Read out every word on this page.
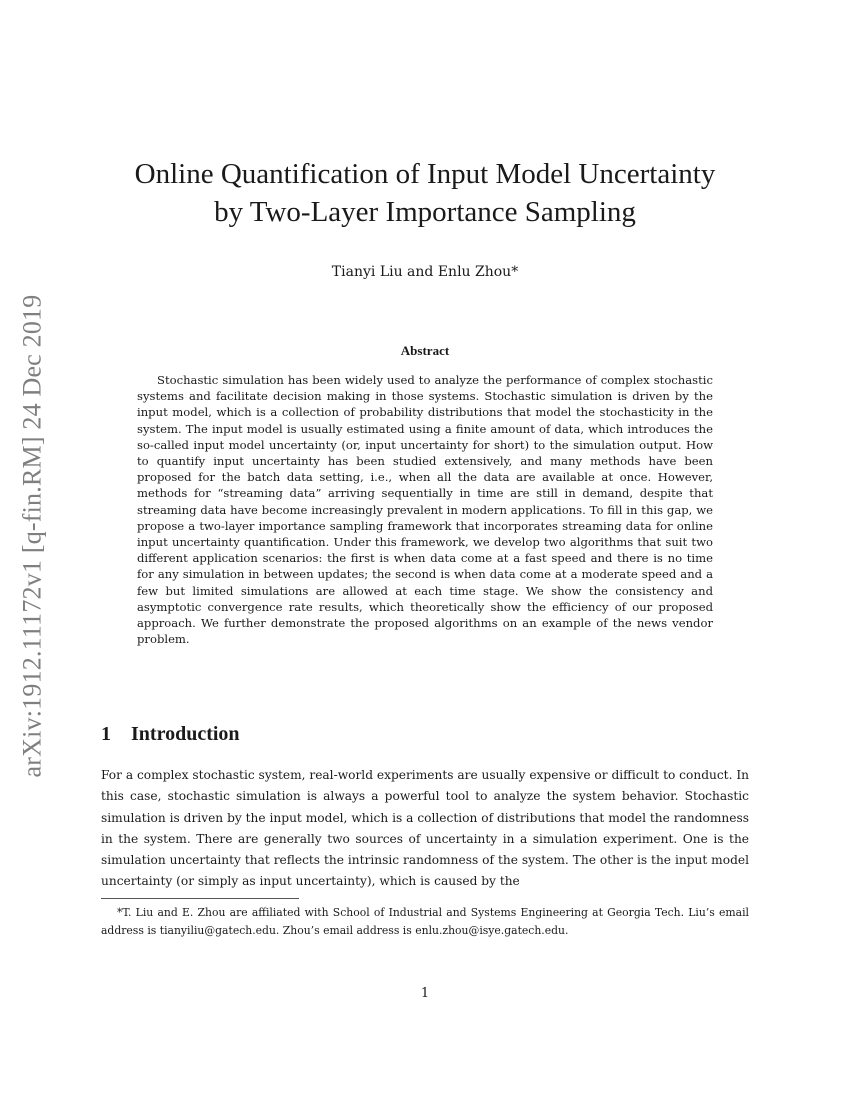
arXiv:1912.11172v1 [q-fin.RM] 24 Dec 2019
Online Quantification of Input Model Uncertainty
by Two-Layer Importance Sampling
Tianyi Liu and Enlu Zhou*
Abstract

Stochastic simulation has been widely used to analyze the performance of complex stochastic systems and facilitate decision making in those systems. Stochastic simulation is driven by the input model, which is a collection of probability distributions that model the stochasticity in the system. The input model is usually estimated using a finite amount of data, which introduces the so-called input model uncertainty (or, input uncertainty for short) to the simulation output. How to quantify input uncertainty has been studied extensively, and many methods have been proposed for the batch data setting, i.e., when all the data are available at once. However, methods for “streaming data” arriving sequentially in time are still in demand, despite that streaming data have become increasingly prevalent in modern applications. To fill in this gap, we propose a two-layer importance sampling framework that incorporates streaming data for online input uncertainty quantification. Under this framework, we develop two algorithms that suit two different application scenarios: the first is when data come at a fast speed and there is no time for any simulation in between updates; the second is when data come at a moderate speed and a few but limited simulations are allowed at each time stage. We show the consistency and asymptotic convergence rate results, which theoretically show the efficiency of our proposed approach. We further demonstrate the proposed algorithms on an example of the news vendor problem.

1 Introduction

For a complex stochastic system, real-world experiments are usually expensive or difficult to conduct. In this case, stochastic simulation is always a powerful tool to analyze the system behavior. Stochastic simulation is driven by the input model, which is a collection of distributions that model the randomness in the system. There are generally two sources of uncertainty in a simulation experiment. One is the simulation uncertainty that reflects the intrinsic randomness of the system. The other is the input model uncertainty (or simply as input uncertainty), which is caused by the

*T. Liu and E. Zhou are affiliated with School of Industrial and Systems Engineering at Georgia Tech. Liu’s email address is tianyiliu@gatech.edu. Zhou’s email address is enlu.zhou@isye.gatech.edu.

1
